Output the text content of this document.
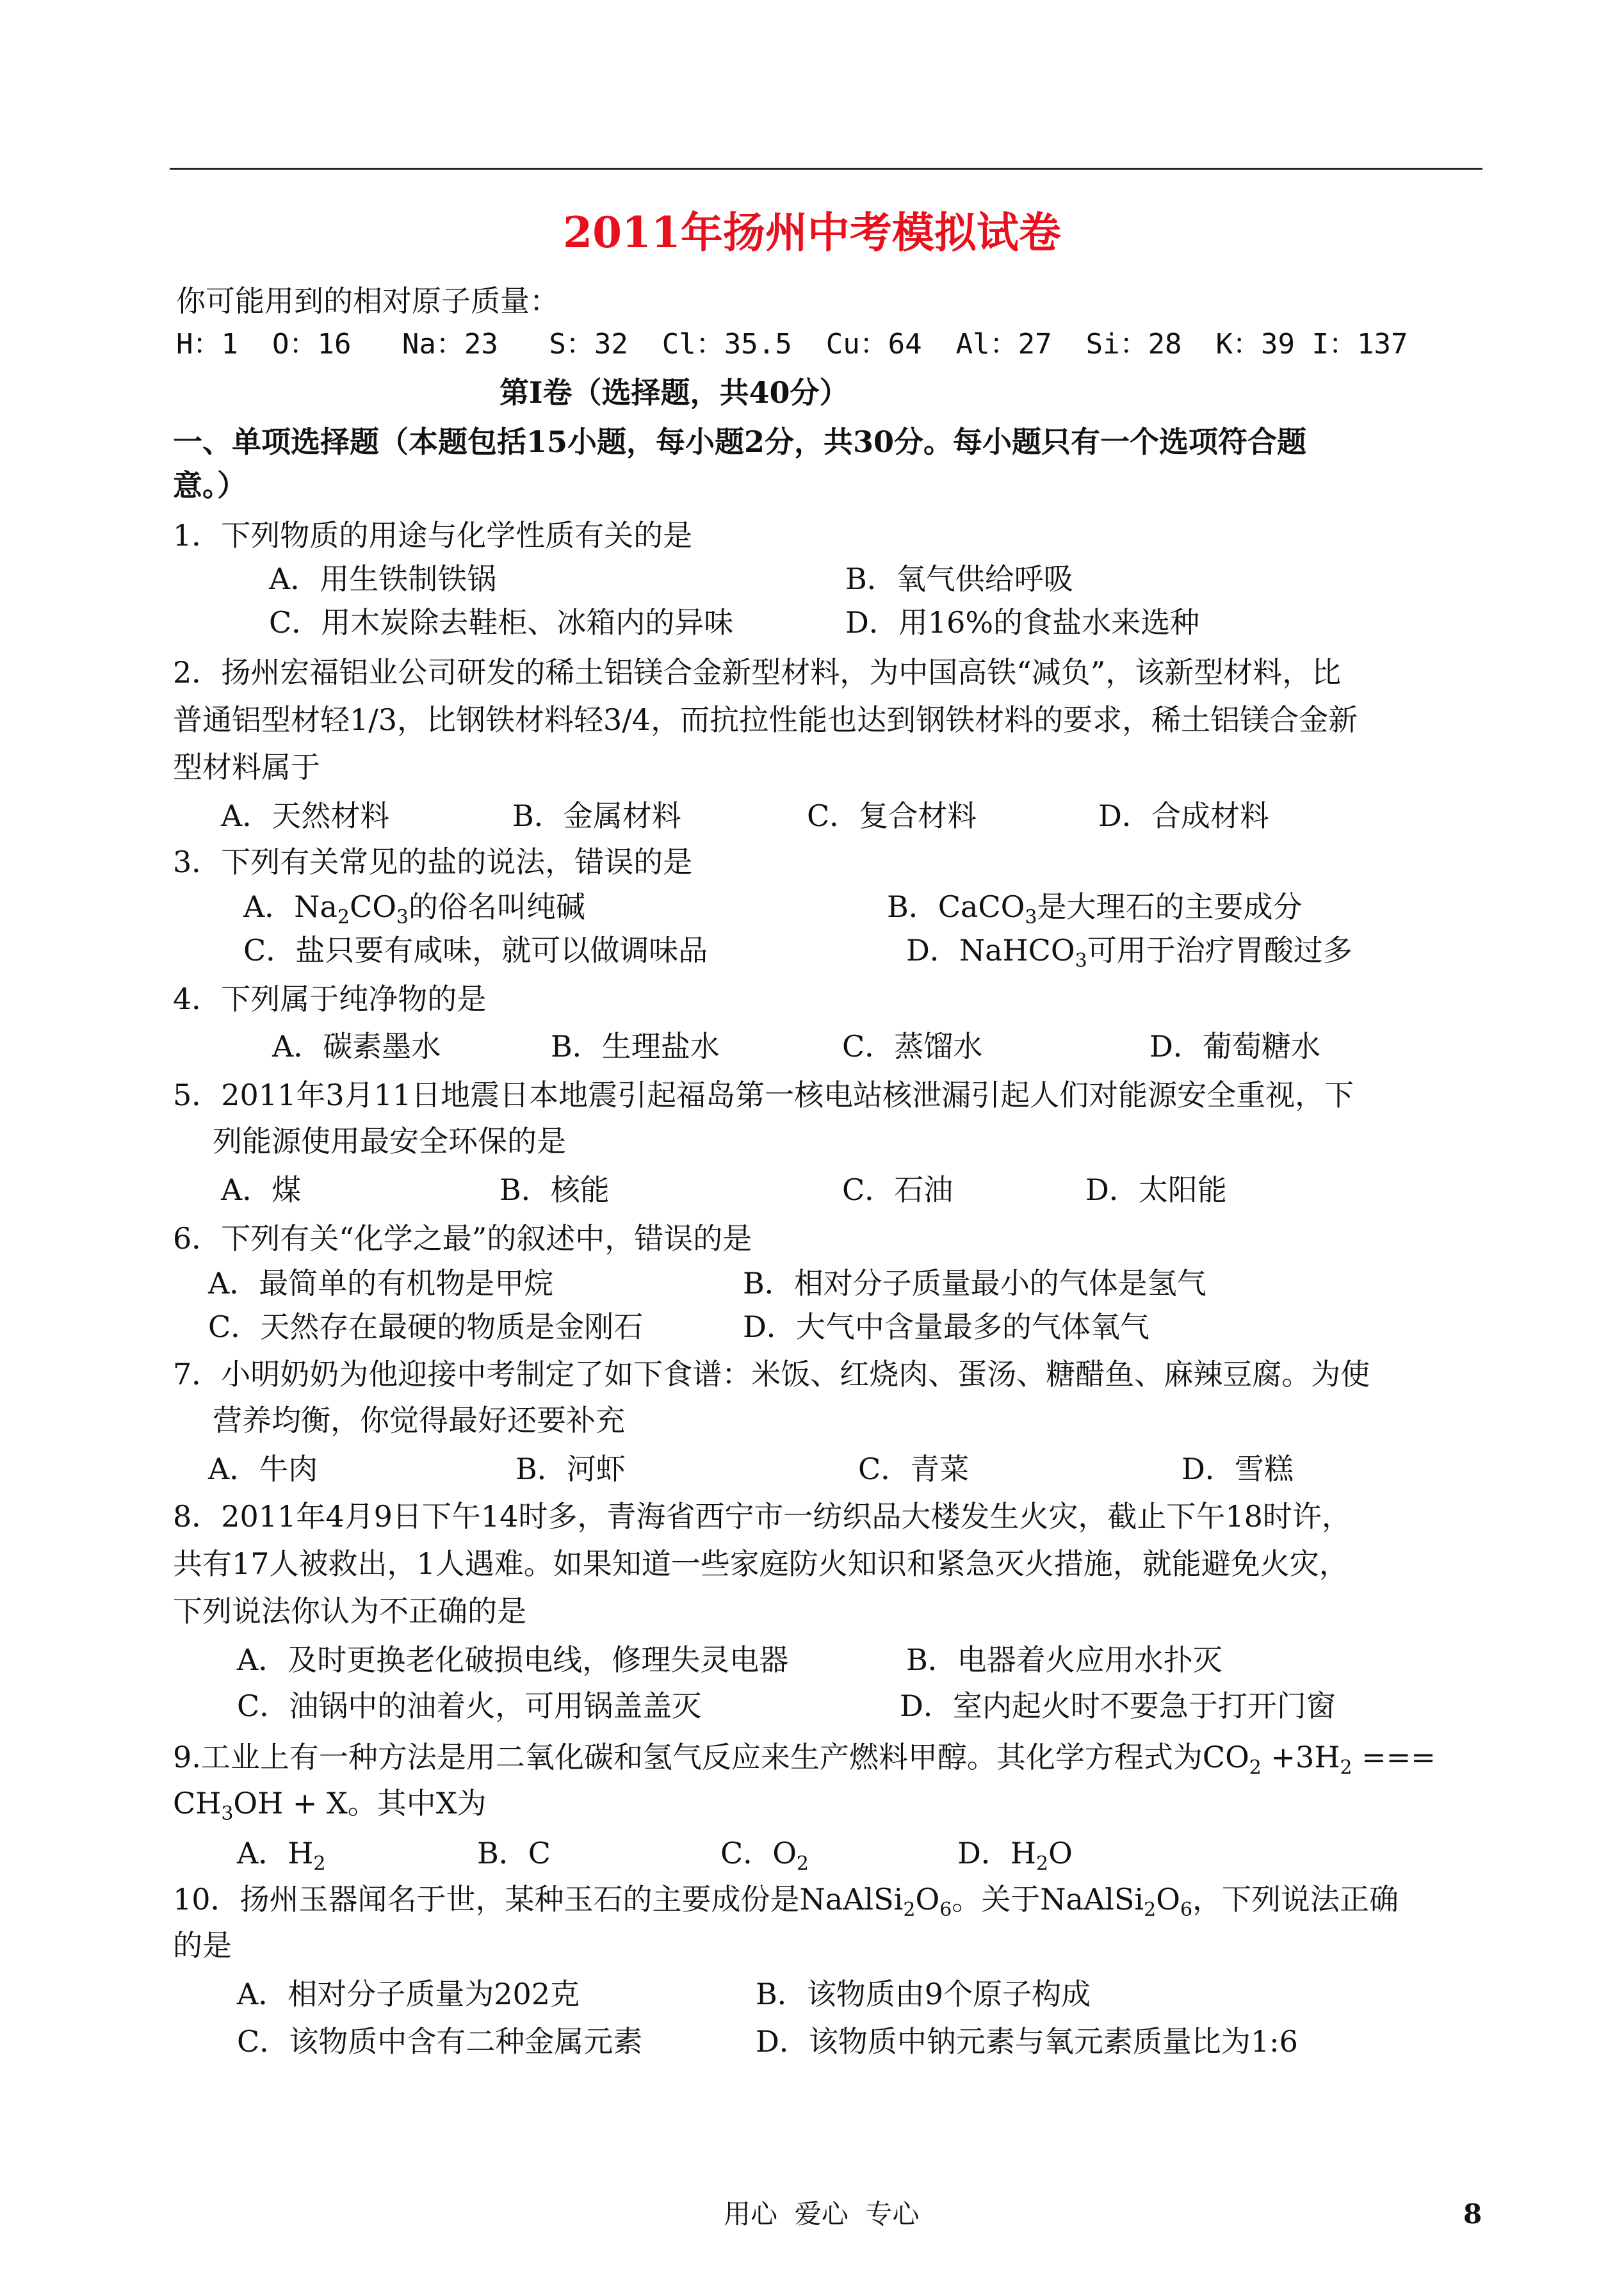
2011年扬州中考模拟试卷
你可能用到的相对原子质量：
H：1  O：16   Na：23   S：32  Cl：35.5  Cu：64  Al：27  Si：28  K：39 I：137
第I卷（选择题，共40分）
一、单项选择题（本题包括15小题，每小题2分，共30分。每小题只有一个选项符合题
意。）
1．下列物质的用途与化学性质有关的是
A．用生铁制铁锅	B．氧气供给呼吸
C．用木炭除去鞋柜、冰箱内的异味	D．用16%的食盐水来选种
2．扬州宏福铝业公司研发的稀土铝镁合金新型材料，为中国高铁“减负”，该新型材料，比
普通铝型材轻1/3，比钢铁材料轻3/4，而抗拉性能也达到钢铁材料的要求，稀土铝镁合金新
型材料属于
A．天然材料	B．金属材料	C．复合材料	D．合成材料
3．下列有关常见的盐的说法，错误的是
A．$Na_2CO_3$的俗名叫纯碱	B．CaCO$_3$是大理石的主要成分
C．盐只要有咸味，就可以做调味品	D．NaHCO$_3$可用于治疗胃酸过多
4．下列属于纯净物的是
A．碳素墨水	B．生理盐水	C．蒸馏水	D．葡萄糖水
5．2011年3月11日地震日本地震引起福岛第一核电站核泄漏引起人们对能源安全重视，下
列能源使用最安全环保的是
A．煤	B．核能	C．石油	D．太阳能
6．下列有关“化学之最”的叙述中，错误的是
A．最简单的有机物是甲烷	B．相对分子质量最小的气体是氢气
C．天然存在最硬的物质是金刚石	D．大气中含量最多的气体氧气
7．小明奶奶为他迎接中考制定了如下食谱：米饭、红烧肉、蛋汤、糖醋鱼、麻辣豆腐。为使
营养均衡，你觉得最好还要补充
A．牛肉	B．河虾	C．青菜	D．雪糕
8．2011年4月9日下午14时多，青海省西宁市一纺织品大楼发生火灾，截止下午18时许，
共有17人被救出，1人遇难。如果知道一些家庭防火知识和紧急灭火措施，就能避免火灾，
下列说法你认为不正确的是
A．及时更换老化破损电线，修理失灵电器	B．电器着火应用水扑灭
C．油锅中的油着火，可用锅盖盖灭	D．室内起火时不要急于打开门窗
9.工业上有一种方法是用二氧化碳和氢气反应来生产燃料甲醇。其化学方程式为$CO_2 +3H_2$ ===
$CH_3OH + X$。其中X为
A．$H_2$	B．C	C．$O_2$	D．$H_2O$
10．扬州玉器闻名于世，某种玉石的主要成份是$NaAlSi_2O_6$。关于$NaAlSi_2O_6$，下列说法正确
的是
A．相对分子质量为202克	B．该物质由9个原子构成
C．该物质中含有二种金属元素	D．该物质中钠元素与氧元素质量比为1:6
用心  爱心  专心	8
